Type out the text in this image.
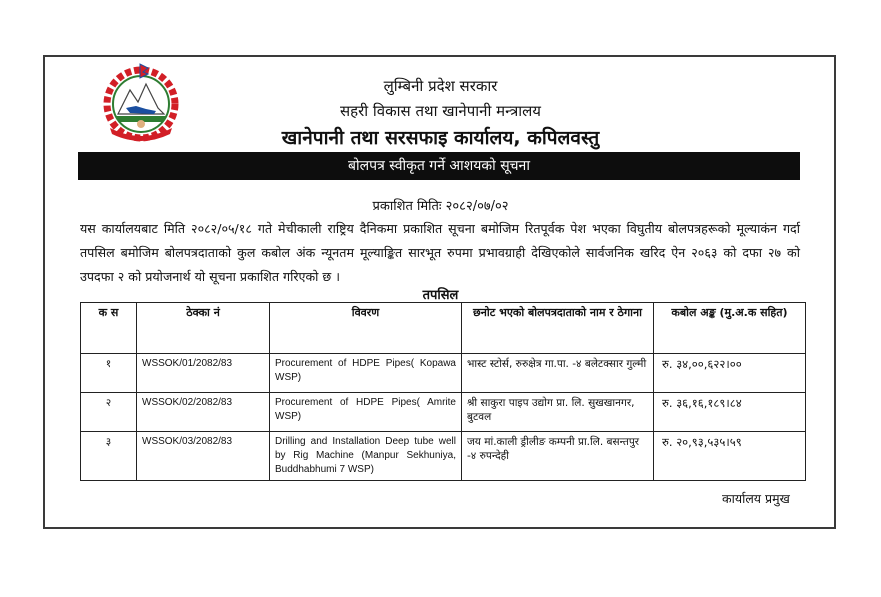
लुम्बिनी प्रदेश सरकार
सहरी विकास तथा खानेपानी मन्त्रालय
खानेपानी तथा सरसफाइ कार्यालय, कपिलवस्तु
बोलपत्र स्वीकृत गर्ने आशयको सूचना
प्रकाशित मितिः २०८२/०७/०२
यस कार्यालयबाट मिति २०८२/०५/१८ गते मेचीकाली राष्ट्रिय दैनिकमा प्रकाशित सूचना बमोजिम रितपूर्वक पेश भएका विघुतीय बोलपत्रहरूको मूल्याकंन गर्दा तपसिल बमोजिम बोलपत्रदाताको कुल कबोल अंक न्यूनतम मूल्याङ्कित सारभूत रुपमा प्रभावग्राही देखिएकोले सार्वजनिक खरिद ऐन २०६३ को दफा २७ को उपदफा २ को प्रयोजनार्थ यो सूचना प्रकाशित गरिएको छ ।
तपसिल
क स	ठेक्का नं	विवरण	छनोट भएको बोलपत्रदाताको नाम र ठेगाना	कबोल अङ्क (मु.अ.क सहित)
१	WSSOK/01/2082/83	Procurement of HDPE Pipes( Kopawa WSP)	भास्ट स्टोर्स, रुरुक्षेत्र गा.पा. -४ बलेटक्सार गुल्मी	रु. ३४,००,६२२।००
२	WSSOK/02/2082/83	Procurement of HDPE Pipes( Amrite WSP)	श्री साकुरा पाइप उद्योग प्रा. लि. सुखखानगर, बुटवल	रु. ३६,१६,१८९।८४
३	WSSOK/03/2082/83	Drilling and Installation Deep tube well by Rig Machine (Manpur Sekhuniya, Buddhabhumi 7 WSP)	जय मां.काली ड्रीलीङ कम्पनी प्रा.लि. बसन्तपुर -४ रुपन्देही	रु. २०,९३,५३५।५९
कार्यालय प्रमुख
